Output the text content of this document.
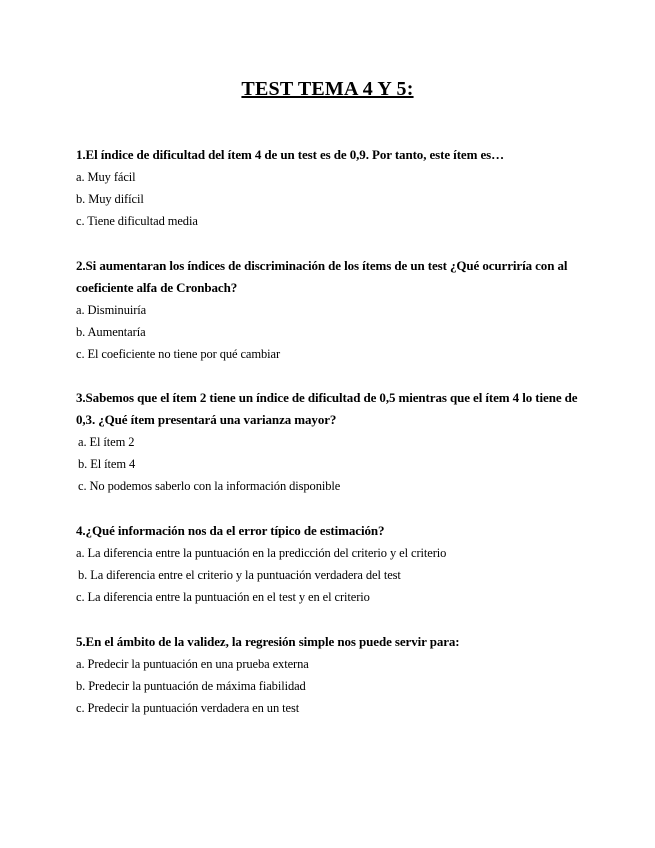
TEST TEMA 4 Y 5:

1.El índice de dificultad del ítem 4 de un test es de 0,9. Por tanto, este ítem es…

a. Muy fácil
b. Muy difícil
c. Tiene dificultad media

2.Si aumentaran los índices de discriminación de los ítems de un test ¿Qué ocurriría con al coeficiente alfa de Cronbach?

a. Disminuiría
b. Aumentaría
c. El coeficiente no tiene por qué cambiar

3.Sabemos que el ítem 2 tiene un índice de dificultad de 0,5 mientras que el ítem 4 lo tiene de 0,3. ¿Qué ítem presentará una varianza mayor?

a. El ítem 2
b. El ítem 4
c. No podemos saberlo con la información disponible

4.¿Qué información nos da el error típico de estimación?

a. La diferencia entre la puntuación en la predicción del criterio y el criterio
b. La diferencia entre el criterio y la puntuación verdadera del test
c. La diferencia entre la puntuación en el test y en el criterio

5.En el ámbito de la validez, la regresión simple nos puede servir para:

a. Predecir la puntuación en una prueba externa
b. Predecir la puntuación de máxima fiabilidad
c. Predecir la puntuación verdadera en un test
